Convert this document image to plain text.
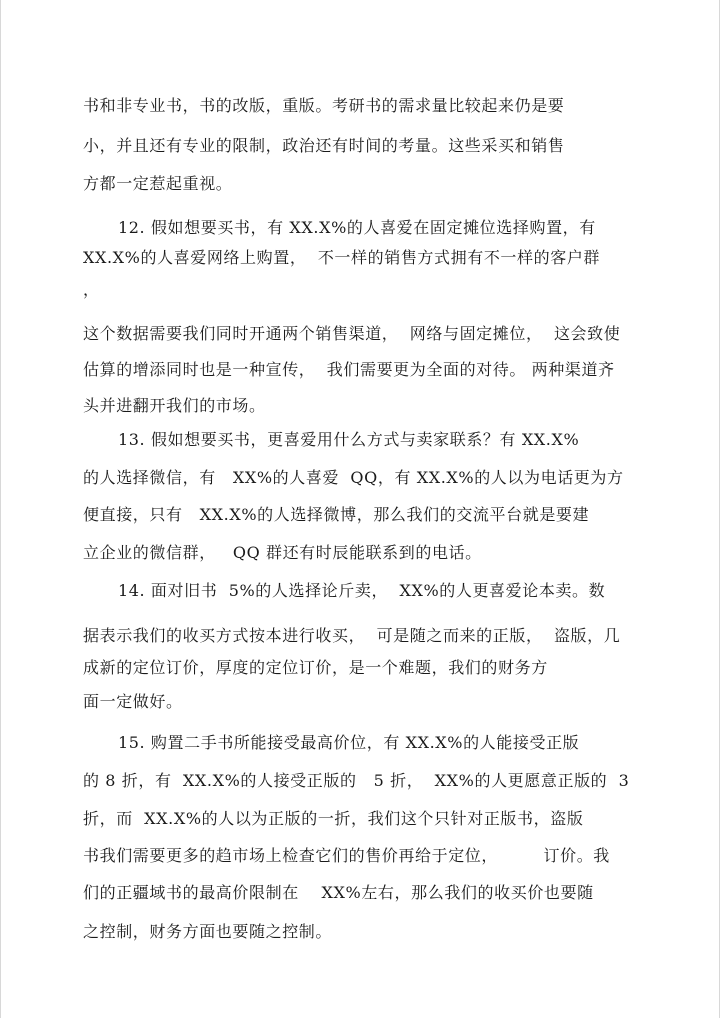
书和非专业书，书的改版，重版。考研书的需求量比较起来仍是要

小，并且还有专业的限制，政治还有时间的考量。这些采买和销售

方都一定惹起重视。

12. 假如想要买书，有 XX.X%的人喜爱在固定摊位选择购置，有

XX.X%的人喜爱网络上购置，  不一样的销售方式拥有不一样的客户群

，

这个数据需要我们同时开通两个销售渠道，  网络与固定摊位，  这会致使

估算的增添同时也是一种宣传，  我们需要更为全面的对待。 两种渠道齐

头并进翻开我们的市场。

13. 假如想要买书，更喜爱用什么方式与卖家联系？有 XX.X%

的人选择微信，有   XX%的人喜爱  QQ，有 XX.X%的人以为电话更为方

便直接，只有   XX.X%的人选择微博，那么我们的交流平台就是要建

立企业的微信群，   QQ 群还有时辰能联系到的电话。

14. 面对旧书  5%的人选择论斤卖，  XX%的人更喜爱论本卖。数

据表示我们的收买方式按本进行收买，  可是随之而来的正版，  盗版，几

成新的定位订价，厚度的定位订价，是一个难题，我们的财务方

面一定做好。

15. 购置二手书所能接受最高价位，有 XX.X%的人能接受正版

的 8 折，有  XX.X%的人接受正版的   5 折，  XX%的人更愿意正版的  3

折，而  XX.X%的人以为正版的一折，我们这个只针对正版书，盗版

书我们需要更多的趋市场上检查它们的售价再给于定位，        订价。我

们的正疆域书的最高价限制在    XX%左右，那么我们的收买价也要随

之控制，财务方面也要随之控制。
